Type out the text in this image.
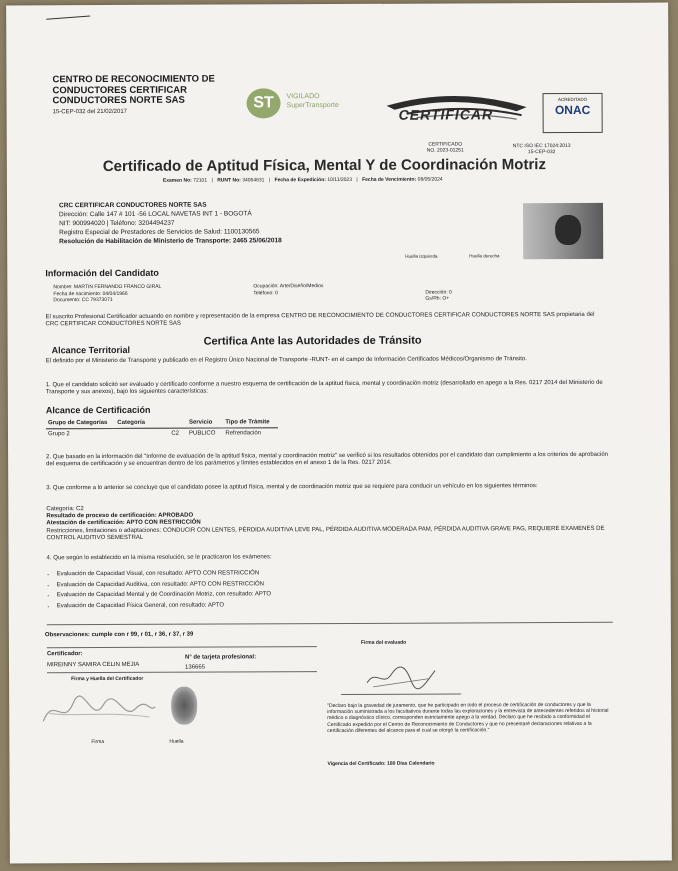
CENTRO DE RECONOCIMIENTO DE CONDUCTORES CERTIFICAR CONDUCTORES NORTE SAS
15-CEP-032 del 21/02/2017
ST	VIGILADO
SuperTransporte
CERTIFICAR
ACREDITADO
ONAC
CERTIFICADO
NO. 2023-01251
NTC ISO IEC 17024:2013
15-CEP-032
Certificado de Aptitud Física, Mental Y de Coordinación Motriz
Examen No: 72101 | RUNT No: 34064631 | Fecha de Expedición: 10/11/2023 | Fecha de Vencimiento: 08/05/2024
CRC CERTIFICAR CONDUCTORES NORTE SAS
Dirección: Calle 147 # 101 -56 LOCAL NAVETAS INT 1 - BOGOTÁ
NIT: 900994020 | Teléfono: 3204494237
Registro Especial de Prestadores de Servicios de Salud: 1100130565
Resolución de Habilitación de Ministerio de Transporte: 2465 25/06/2018
Huella izquierda	Huella derecha
Información del Candidato
Nombre: MARTIN FERNANDO FRANCO GIRAL	Ocupación: Arte/Diseño/Medios
Fecha de nacimiento: 04/04/1966	Teléfono: 0	Dirección: 0
Documento: CC 79373071	Gs/Rh: O+
El suscrito Profesional Certificador actuando en nombre y representación de la empresa CENTRO DE RECONOCIMIENTO DE CONDUCTORES CERTIFICAR CONDUCTORES NORTE SAS propietaria del CRC CERTIFICAR CONDUCTORES NORTE SAS
Certifica Ante las Autoridades de Tránsito
Alcance Territorial
El definido por el Ministerio de Transporte y publicado en el Registro Único Nacional de Transporte -RUNT- en el campo de Información Certificados Médicos/Organismo de Tránsito.
1. Que el candidato solicitó ser evaluado y certificado conforme a nuestro esquema de certificación de la aptitud física, mental y coordinación motriz (desarrollado en apego a la Res. 0217 2014 del Ministerio de Transporte y sus anexos), bajo los siguientes características:
Alcance de Certificación
Grupo de Categorías	Categoría	Servicio	Tipo de Trámite
Grupo 2	C2	PUBLICO	Refrendación
2. Que basado en la información del "Informe de evaluación de la aptitud física, mental y coordinación motriz" se verificó si los resultados obtenidos por el candidato dan cumplimiento a los criterios de aprobación del esquema de certificación y se encuentran dentro de los parámetros y límites establecidos en el anexo 1 de la Res. 0217 2014.
3. Que conforme a lo anterior se concluye que el candidato posee la aptitud física, mental y de coordinación motriz que se requiere para conducir un vehículo en los siguientes términos:
Categoría: C2
Resultado de proceso de certificación: APROBADO
Atestación de certificación: APTO CON RESTRICCIÓN
Restricciones, limitaciones o adaptaciones: CONDUCIR CON LENTES, PÉRDIDA AUDITIVA LEVE PAL, PÉRDIDA AUDITIVA MODERADA PAM, PÉRDIDA AUDITIVA GRAVE PAG, REQUIERE EXAMENES DE CONTROL AUDITIVO SEMESTRAL
4. Que según lo establecido en la misma resolución, se le practicaron los exámenes:
• Evaluación de Capacidad Visual, con resultado: APTO CON RESTRICCIÓN
• Evaluación de Capacidad Auditiva, con resultado: APTO CON RESTRICCIÓN
• Evaluación de Capacidad Mental y de Coordinación Motriz, con resultado: APTO
• Evaluación de Capacidad Física General, con resultado: APTO
Observaciones: cumple con r 99, r 01, r 36, r 37, r 39
Certificador:
MIREINNY SAMIRA CELIN MEJIA
N° de tarjeta profesional:
136665
Firma y Huella del Certificador
Firma	Huella
Firma del evaluado
"Declaro bajo la gravedad de juramento, que he participado en todo el proceso de certificación de conductores y que la información suministrada a los facultativos durante todas las exploraciones y la entrevista de antecedentes referidos al historial médico o diagnóstico clínico, corresponden estrictamente apego a la verdad. Declaro que he recibido a conformidad el Certificado expedido por el Centro de Reconocimiento de Conductores y que no presentaré declaraciones relativas a la certificación diferentes del alcance para el cual se otorgó la certificación."
Vigencia del Certificado: 180 Días Calendario
